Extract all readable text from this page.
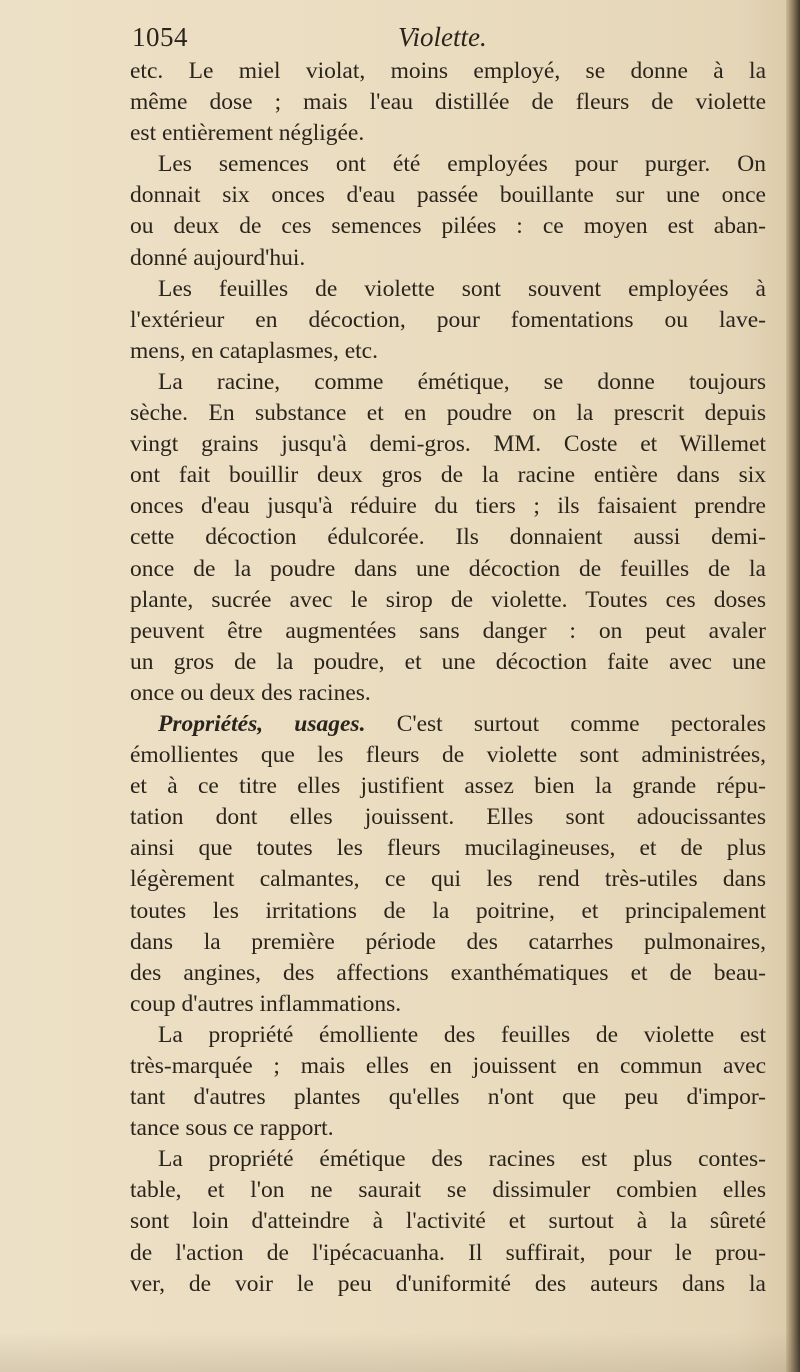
1054	Violette.
etc. Le miel violat, moins employé, se donne à la
même dose ; mais l'eau distillée de fleurs de violette
est entièrement négligée.
Les semences ont été employées pour purger. On
donnait six onces d'eau passée bouillante sur une once
ou deux de ces semences pilées : ce moyen est aban-
donné aujourd'hui.
Les feuilles de violette sont souvent employées à
l'extérieur en décoction, pour fomentations ou lave-
mens, en cataplasmes, etc.
La racine, comme émétique, se donne toujours
sèche. En substance et en poudre on la prescrit depuis
vingt grains jusqu'à demi-gros. MM. Coste et Willemet
ont fait bouillir deux gros de la racine entière dans six
onces d'eau jusqu'à réduire du tiers ; ils faisaient prendre
cette décoction édulcorée. Ils donnaient aussi demi-
once de la poudre dans une décoction de feuilles de la
plante, sucrée avec le sirop de violette. Toutes ces doses
peuvent être augmentées sans danger : on peut avaler
un gros de la poudre, et une décoction faite avec une
once ou deux des racines.
Propriétés, usages. C'est surtout comme pectorales
émollientes que les fleurs de violette sont administrées,
et à ce titre elles justifient assez bien la grande répu-
tation dont elles jouissent. Elles sont adoucissantes
ainsi que toutes les fleurs mucilagineuses, et de plus
légèrement calmantes, ce qui les rend très-utiles dans
toutes les irritations de la poitrine, et principalement
dans la première période des catarrhes pulmonaires,
des angines, des affections exanthématiques et de beau-
coup d'autres inflammations.
La propriété émolliente des feuilles de violette est
très-marquée ; mais elles en jouissent en commun avec
tant d'autres plantes qu'elles n'ont que peu d'impor-
tance sous ce rapport.
La propriété émétique des racines est plus contes-
table, et l'on ne saurait se dissimuler combien elles
sont loin d'atteindre à l'activité et surtout à la sûreté
de l'action de l'ipécacuanha. Il suffirait, pour le prou-
ver, de voir le peu d'uniformité des auteurs dans la
